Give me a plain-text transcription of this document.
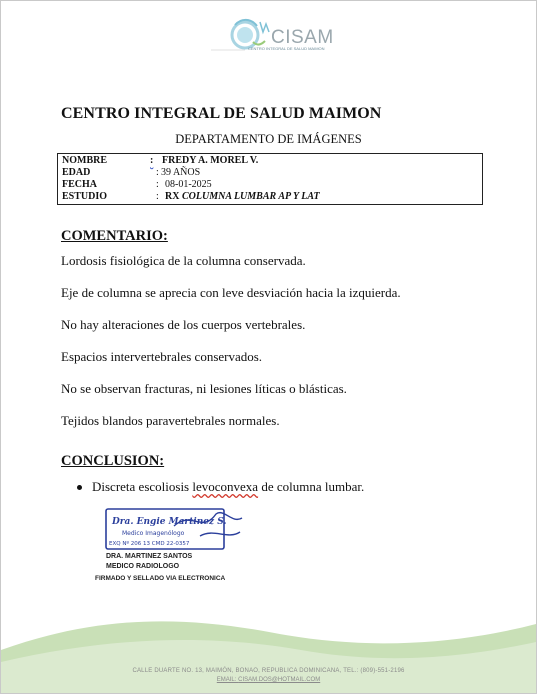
CISAM
CENTRO INTEGRAL DE SALUD MAIMON
CENTRO INTEGRAL DE SALUD MAIMON
DEPARTAMENTO DE IMÁGENES
NOMBRE	: FREDY A. MOREL V.
EDAD	: 39 AÑOS
FECHA	: 08-01-2025
ESTUDIO	: RX COLUMNA LUMBAR AP Y LAT
COMENTARIO:
Lordosis fisiológica de la columna conservada.
Eje de columna se aprecia con leve desviación hacia la izquierda.
No hay alteraciones de los cuerpos vertebrales.
Espacios intervertebrales conservados.
No se observan fracturas, ni lesiones líticas o blásticas.
Tejidos blandos paravertebrales normales.
CONCLUSION:
Discreta escoliosis levoconvexa de columna lumbar.
Dra. Engie Martinez S.
Medico Imagenólogo
EXQ Nº 206 13 CMD 22-0357
DRA. MARTINEZ SANTOS
MEDICO RADIOLOGO
FIRMADO Y SELLADO VIA ELECTRONICA
CALLE DUARTE NO. 13, MAIMÓN, BONAO, REPUBLICA DOMINICANA, TEL.: (809)-551-2196
EMAIL: CISAM.DOS@HOTMAIL.COM
